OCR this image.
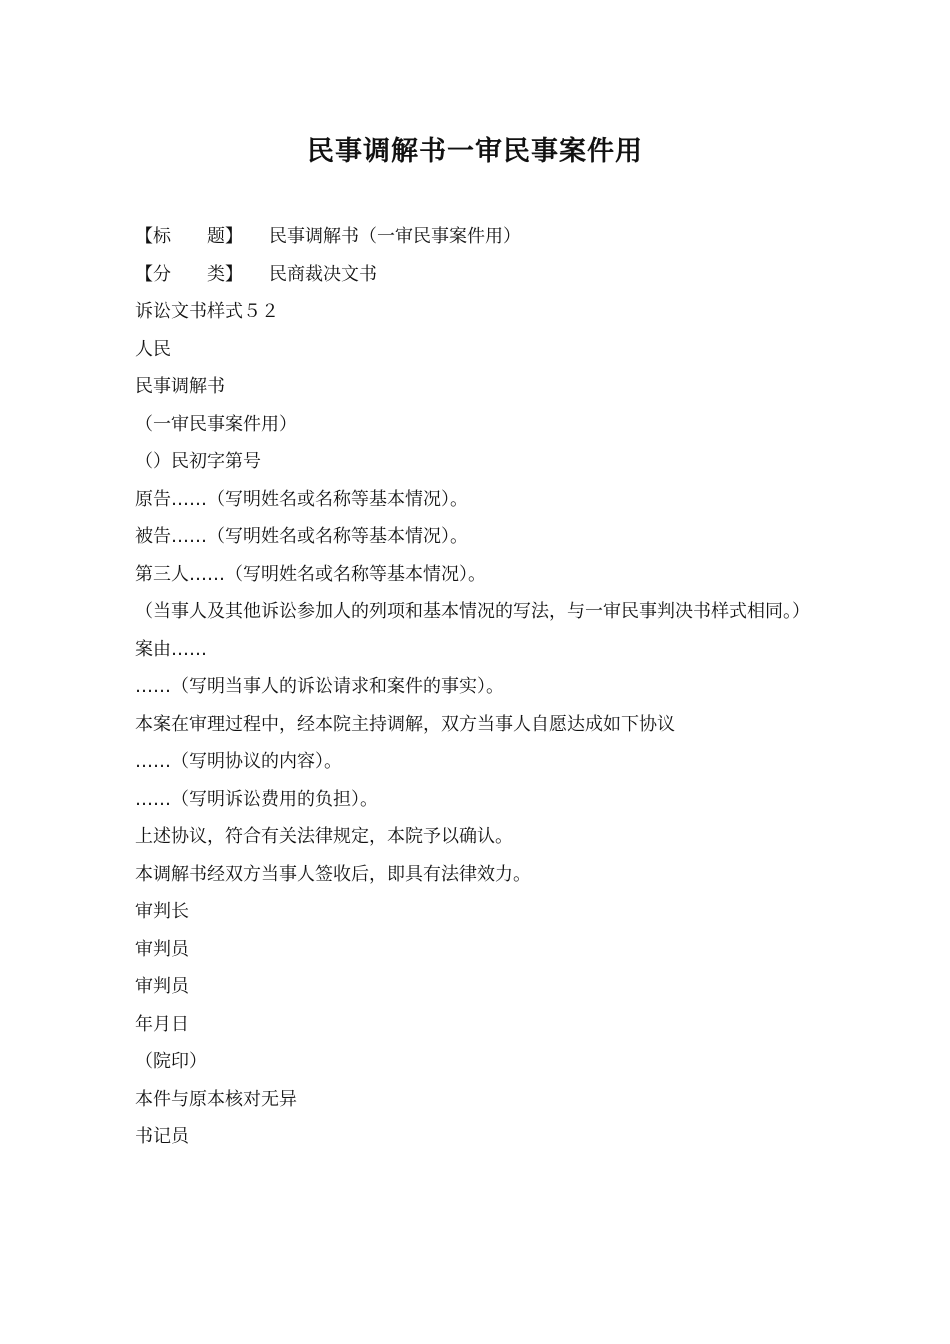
民事调解书一审民事案件用
【标　　题】 民事调解书（一审民事案件用）
【分　　类】 民商裁决文书
诉讼文书样式５２
人民
民事调解书
（一审民事案件用）
（）民初字第号
原告……（写明姓名或名称等基本情况）。
被告……（写明姓名或名称等基本情况）。
第三人……（写明姓名或名称等基本情况）。
（当事人及其他诉讼参加人的列项和基本情况的写法，与一审民事判决书样式相同。）
案由……
……（写明当事人的诉讼请求和案件的事实）。
本案在审理过程中，经本院主持调解，双方当事人自愿达成如下协议
……（写明协议的内容）。
……（写明诉讼费用的负担）。
上述协议，符合有关法律规定，本院予以确认。
本调解书经双方当事人签收后，即具有法律效力。
审判长
审判员
审判员
年月日
（院印）
本件与原本核对无异
书记员
